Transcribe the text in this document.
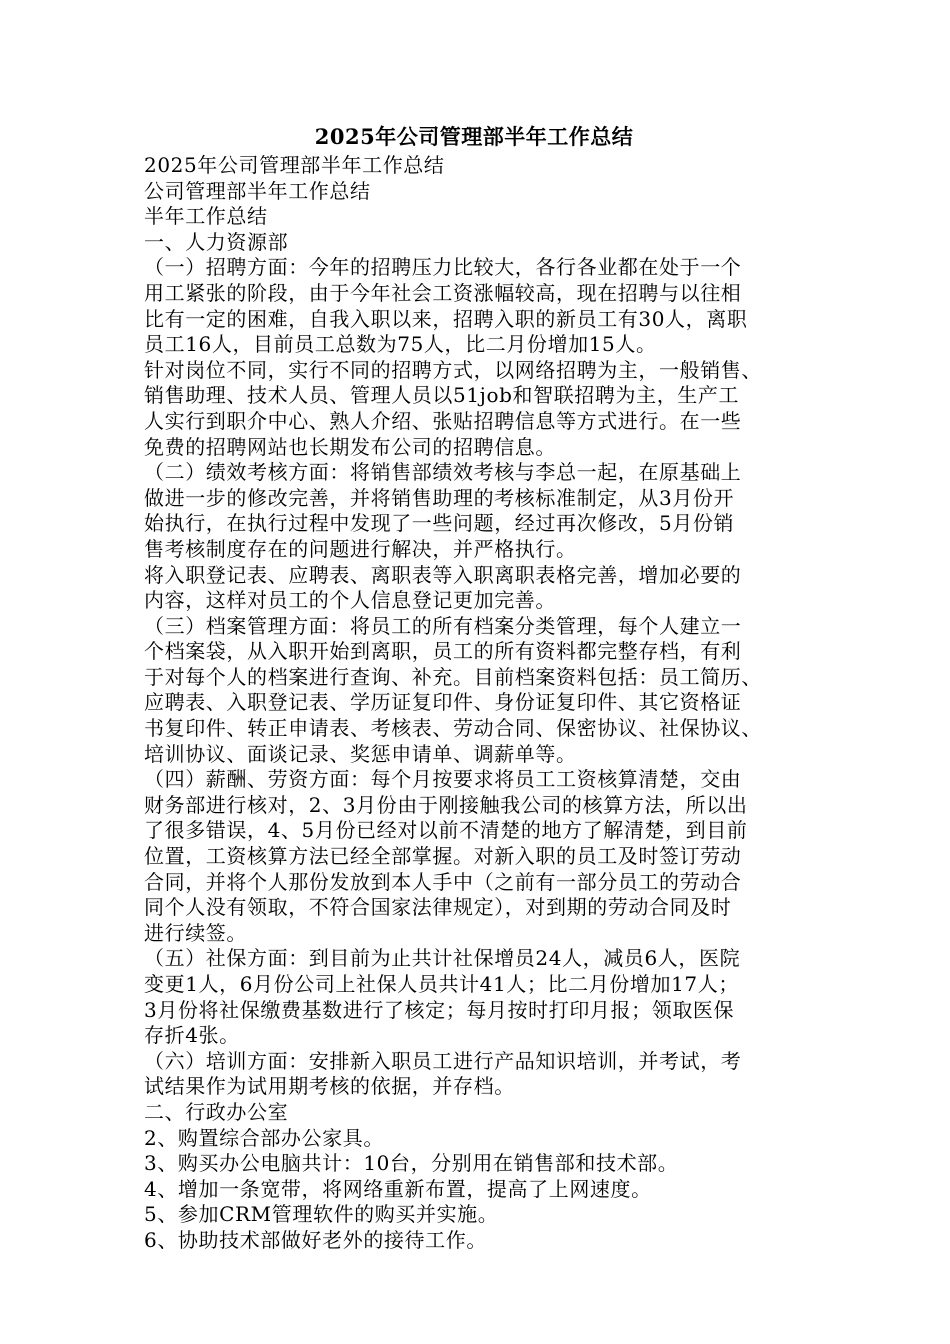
2025年公司管理部半年工作总结
2025年公司管理部半年工作总结
公司管理部半年工作总结
半年工作总结
一、人力资源部
（一）招聘方面：今年的招聘压力比较大，各行各业都在处于一个
用工紧张的阶段，由于今年社会工资涨幅较高，现在招聘与以往相
比有一定的困难，自我入职以来，招聘入职的新员工有30人，离职
员工16人，目前员工总数为75人，比二月份增加15人。
针对岗位不同，实行不同的招聘方式，以网络招聘为主，一般销售、
销售助理、技术人员、管理人员以51job和智联招聘为主，生产工
人实行到职介中心、熟人介绍、张贴招聘信息等方式进行。在一些
免费的招聘网站也长期发布公司的招聘信息。
（二）绩效考核方面：将销售部绩效考核与李总一起，在原基础上
做进一步的修改完善，并将销售助理的考核标准制定，从3月份开
始执行，在执行过程中发现了一些问题，经过再次修改，5月份销
售考核制度存在的问题进行解决，并严格执行。
将入职登记表、应聘表、离职表等入职离职表格完善，增加必要的
内容，这样对员工的个人信息登记更加完善。
（三）档案管理方面：将员工的所有档案分类管理，每个人建立一
个档案袋，从入职开始到离职，员工的所有资料都完整存档，有利
于对每个人的档案进行查询、补充。目前档案资料包括：员工简历、
应聘表、入职登记表、学历证复印件、身份证复印件、其它资格证
书复印件、转正申请表、考核表、劳动合同、保密协议、社保协议、
培训协议、面谈记录、奖惩申请单、调薪单等。
（四）薪酬、劳资方面：每个月按要求将员工工资核算清楚，交由
财务部进行核对，2、3月份由于刚接触我公司的核算方法，所以出
了很多错误，4、5月份已经对以前不清楚的地方了解清楚，到目前
位置，工资核算方法已经全部掌握。对新入职的员工及时签订劳动
合同，并将个人那份发放到本人手中（之前有一部分员工的劳动合
同个人没有领取，不符合国家法律规定），对到期的劳动合同及时
进行续签。
（五）社保方面：到目前为止共计社保增员24人，减员6人，医院
变更1人，6月份公司上社保人员共计41人；比二月份增加17人；
3月份将社保缴费基数进行了核定；每月按时打印月报；领取医保
存折4张。
（六）培训方面：安排新入职员工进行产品知识培训，并考试，考
试结果作为试用期考核的依据，并存档。
二、行政办公室
2、购置综合部办公家具。
3、购买办公电脑共计：10台，分别用在销售部和技术部。
4、增加一条宽带，将网络重新布置，提高了上网速度。
5、参加CRM管理软件的购买并实施。
6、协助技术部做好老外的接待工作。
